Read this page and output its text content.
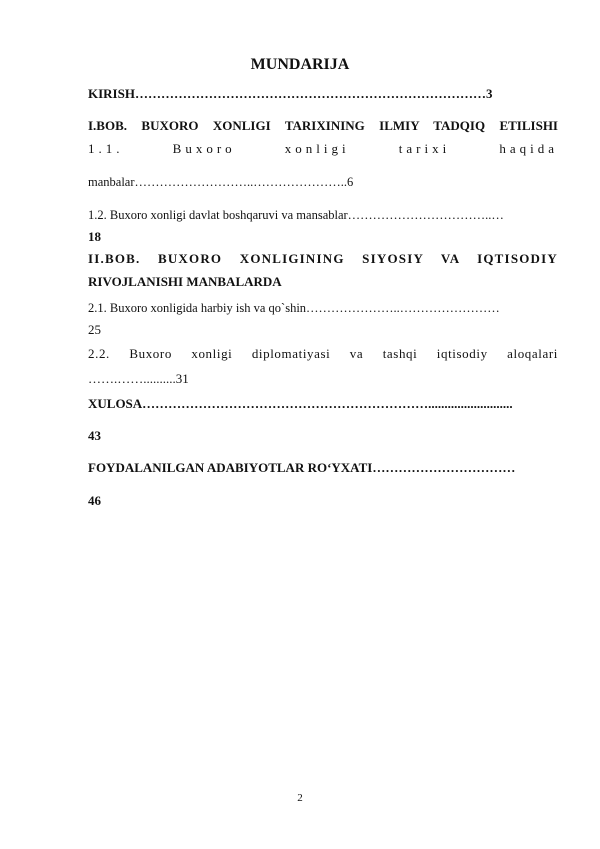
MUNDARIJA
KIRISH………………………………………………………………………3
I.BOB. BUXORO XONLIGI TARIXINING ILMIY TADQIQ ETILISHI
1.1. Buxoro xonligi tarixi haqida
manbalar………………………..…………………..6
1.2. Buxoro xonligi davlat boshqaruvi va mansablar……………………………..…
18
II.BOB. BUXORO XONLIGINING SIYOSIY VA IQTISODIY
RIVOJLANISHI MANBALARDA
2.1. Buxoro xonligida harbiy ish va qo`shin…………………..……………………
25
2.2. Buxoro xonligi diplomatiyasi va tashqi iqtisodiy aloqalari
…….……..........31
XULOSA…………………………………………………………..........................
43
FOYDALANILGAN ADABIYOTLAR RO‘YXATI……………………………
46
2
